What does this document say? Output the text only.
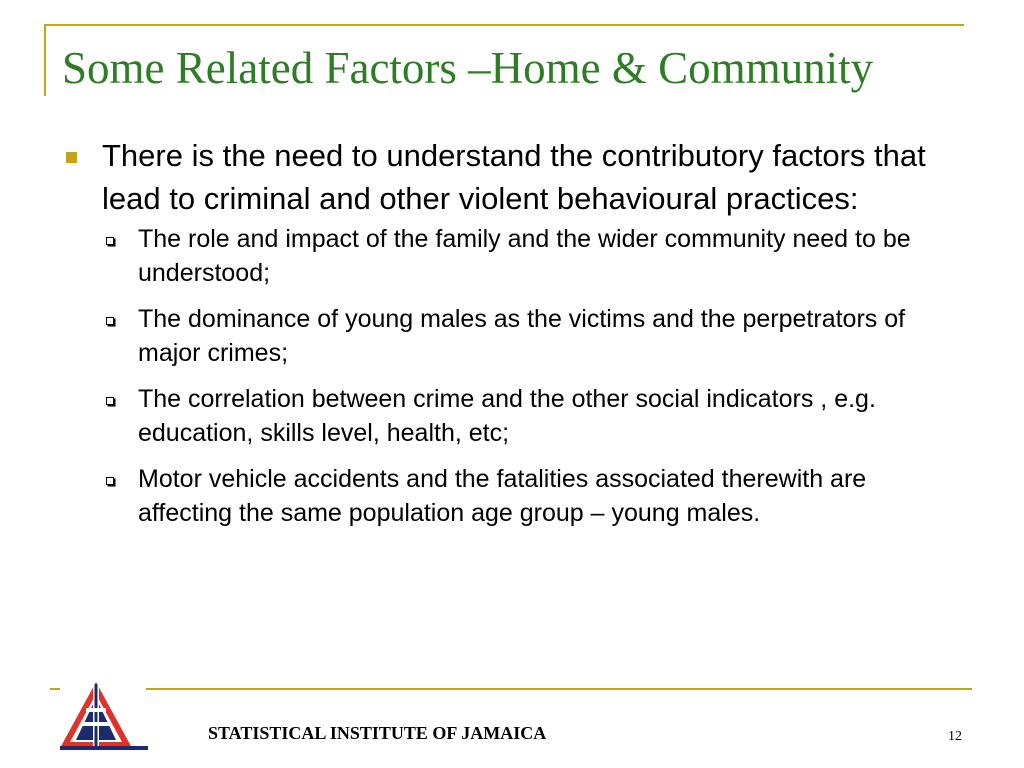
Some Related Factors –Home & Community
There is the need to understand the contributory factors that lead to criminal and other violent behavioural practices:
The role and impact of the family and the wider community need to be understood;
The dominance of young males as the victims and the perpetrators of major crimes;
The correlation between crime and the other social indicators , e.g. education, skills level, health, etc;
Motor vehicle accidents and the fatalities associated therewith are affecting the same population age group – young males.
STATISTICAL INSTITUTE OF JAMAICA	12
